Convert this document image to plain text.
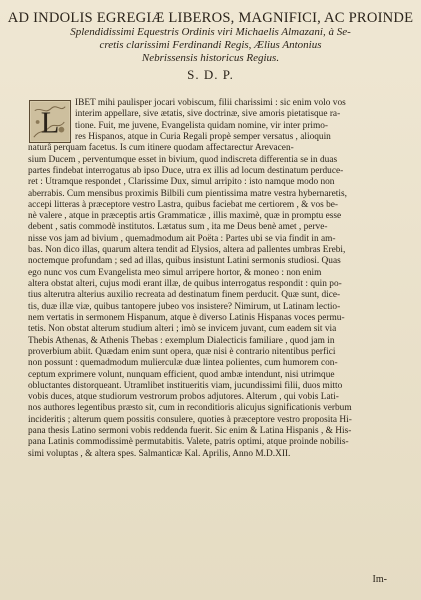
AD INDOLIS EGREGIÆ LIBEROS, MAGNIFICI, AC PROINDE
Splendidissimi Equestris Ordinis viri Michaelis Almazani, à Se-
cretis clarissimi Ferdinandi Regis, Ælius Antonius
Nebrissensis historicus Regius.
S. D. P.
L
IBET mihi paulisper jocari vobiscum, filii charissimi : sic enim volo vos
interim appellare, sive ætatis, sive doctrinæ, sive amoris pietatisque ra-
tione. Fuit, me juvene, Evangelista quidam nomine, vir inter primo-
res Hispanos, atque in Curia Regali propè semper versatus , alioquin
naturâ perquam facetus. Is cum itinere quodam affectarectur Arevacen-
sium Ducem , perventumque esset in bivium, quod indiscreta differentia se in duas
partes findebat interrogatus ab ipso Duce, utra ex illis ad locum destinatum perduce-
ret : Utramque respondet , Clarissime Dux, simul arripito : isto namque modo non
aberrabis. Cum mensibus proximis Bilbili cum pientissima matre vestra hybernaretis,
accepi litteras à præceptore vestro Lastra, quibus faciebat me certiorem , & vos be-
nè valere , atque in præceptis artis Grammaticæ , illis maximè, quæ in promptu esse
debent , satis commodè institutos. Lætatus sum , ita me Deus benè amet , perve-
nisse vos jam ad bivium , quemadmodum ait Poëta : Partes ubi se via findit in am-
bas. Non dico illas, quarum altera tendit ad Elysios, altera ad pallentes umbras Erebi,
noctemque profundam ; sed ad illas, quibus insistunt Latini sermonis studiosi. Quas
ego nunc vos cum Evangelista meo simul arripere hortor, & moneo : non enim
altera obstat alteri, cujus modi erant illæ, de quibus interrogatus respondit : quin po-
tius alterutra alterius auxilio recreata ad destinatum finem perducit. Quæ sunt, dice-
tis, duæ illæ viæ, quibus tantopere jubeo vos insistere? Nimirum, ut Latinam lectio-
nem vertatis in sermonem Hispanum, atque è diverso Latinis Hispanas voces permu-
tetis. Non obstat alterum studium alteri ; imò se invicem juvant, cum eadem sit via
Thebis Athenas, & Athenis Thebas : exemplum Dialecticis familiare , quod jam in
proverbium abiit. Quædam enim sunt opera, quæ nisi è contrario nitentibus perfici
non possunt : quemadmodum mulierculæ duæ lintea polientes, cum humorem con-
ceptum exprimere volunt, nunquam efficient, quod ambæ intendunt, nisi utrimque
obluctantes distorqueant. Utramlibet institueritis viam, jucundissimi filii, duos mitto
vobis duces, atque studiorum vestrorum probos adjutores. Alterum , qui vobis Lati-
nos authores legentibus præsto sit, cum in reconditioris alicujus significationis verbum
incideritis ; alterum quem possitis consulere, quoties à præceptore vestro proposita Hi-
pana thesis Latino sermoni vobis reddenda fuerit. Sic enim & Latina Hispanis , & His-
pana Latinis commodissimè permutabitis. Valete, patris optimi, atque proinde nobilis-
simi voluptas , & altera spes. Salmanticæ Kal. Aprilis, Anno M.D.XII.
Im-
